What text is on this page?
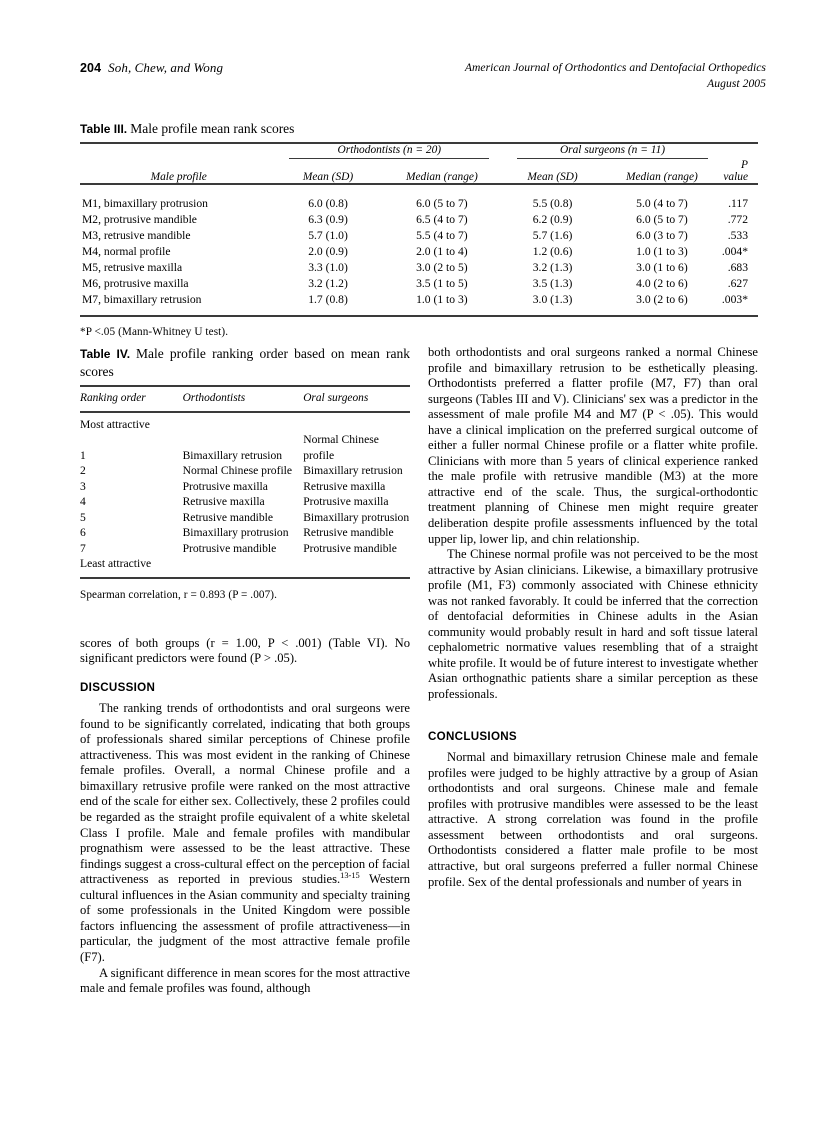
204 Soh, Chew, and Wong	American Journal of Orthodontics and Dentofacial Orthopedics
August 2005
Table III. Male profile mean rank scores

	Orthodontists (n = 20)		Oral surgeons (n = 11)		

Male profile	Mean (SD)	Median (range)	Mean (SD)	Median (range)	P value

M1, bimaxillary protrusion	6.0 (0.8)	6.0 (5 to 7)	5.5 (0.8)	5.0 (4 to 7)	.117
M2, protrusive mandible	6.3 (0.9)	6.5 (4 to 7)	6.2 (0.9)	6.0 (5 to 7)	.772
M3, retrusive mandible	5.7 (1.0)	5.5 (4 to 7)	5.7 (1.6)	6.0 (3 to 7)	.533
M4, normal profile	2.0 (0.9)	2.0 (1 to 4)	1.2 (0.6)	1.0 (1 to 3)	.004*
M5, retrusive maxilla	3.3 (1.0)	3.0 (2 to 5)	3.2 (1.3)	3.0 (1 to 6)	.683
M6, protrusive maxilla	3.2 (1.2)	3.5 (1 to 5)	3.5 (1.3)	4.0 (2 to 6)	.627
M7, bimaxillary retrusion	1.7 (0.8)	1.0 (1 to 3)	3.0 (1.3)	3.0 (2 to 6)	.003*

*P <.05 (Mann-Whitney U test).
Table IV. Male profile ranking order based on mean rank scores
Ranking order	Orthodontists	Oral surgeons

Most attractive		
1	Bimaxillary retrusion	Normal Chinese profile
2	Normal Chinese profile	Bimaxillary retrusion
3	Protrusive maxilla	Retrusive maxilla
4	Retrusive maxilla	Protrusive maxilla
5	Retrusive mandible	Bimaxillary protrusion
6	Bimaxillary protrusion	Retrusive mandible
7	Protrusive mandible	Protrusive mandible
Least attractive		

Spearman correlation, r = 0.893 (P = .007).

scores of both groups (r = 1.00, P < .001) (Table VI). No significant predictors were found (P > .05).

DISCUSSION

The ranking trends of orthodontists and oral surgeons were found to be significantly correlated, indicating that both groups of professionals shared similar perceptions of Chinese profile attractiveness. This was most evident in the ranking of Chinese female profiles. Overall, a normal Chinese profile and a bimaxillary retrusive profile were ranked on the most attractive end of the scale for either sex. Collectively, these 2 profiles could be regarded as the straight profile equivalent of a white skeletal Class I profile. Male and female profiles with mandibular prognathism were assessed to be the least attractive. These findings suggest a cross-cultural effect on the perception of facial attractiveness as reported in previous studies.$^{13-15}$ Western cultural influences in the Asian community and specialty training of some professionals in the United Kingdom were possible factors influencing the assessment of profile attractiveness—in particular, the judgment of the most attractive female profile (F7).

A significant difference in mean scores for the most attractive male and female profiles was found, although

both orthodontists and oral surgeons ranked a normal Chinese profile and bimaxillary retrusion to be esthetically pleasing. Orthodontists preferred a flatter profile (M7, F7) than oral surgeons (Tables III and V). Clinicians' sex was a predictor in the assessment of male profile M4 and M7 (P < .05). This would have a clinical implication on the preferred surgical outcome of either a fuller normal Chinese profile or a flatter white profile. Clinicians with more than 5 years of clinical experience ranked the male profile with retrusive mandible (M3) at the more attractive end of the scale. Thus, the surgical-orthodontic treatment planning of Chinese men might require greater deliberation despite profile assessments influenced by the total upper lip, lower lip, and chin relationship.

The Chinese normal profile was not perceived to be the most attractive by Asian clinicians. Likewise, a bimaxillary protrusive profile (M1, F3) commonly associated with Chinese ethnicity was not ranked favorably. It could be inferred that the correction of dentofacial deformities in Chinese adults in the Asian community would probably result in hard and soft tissue lateral cephalometric normative values resembling that of a straight white profile. It would be of future interest to investigate whether Asian orthognathic patients share a similar perception as these professionals.

CONCLUSIONS

Normal and bimaxillary retrusion Chinese male and female profiles were judged to be highly attractive by a group of Asian orthodontists and oral surgeons. Chinese male and female profiles with protrusive mandibles were assessed to be the least attractive. A strong correlation was found in the profile assessment between orthodontists and oral surgeons. Orthodontists considered a flatter male profile to be most attractive, but oral surgeons preferred a fuller normal Chinese profile. Sex of the dental professionals and number of years in
